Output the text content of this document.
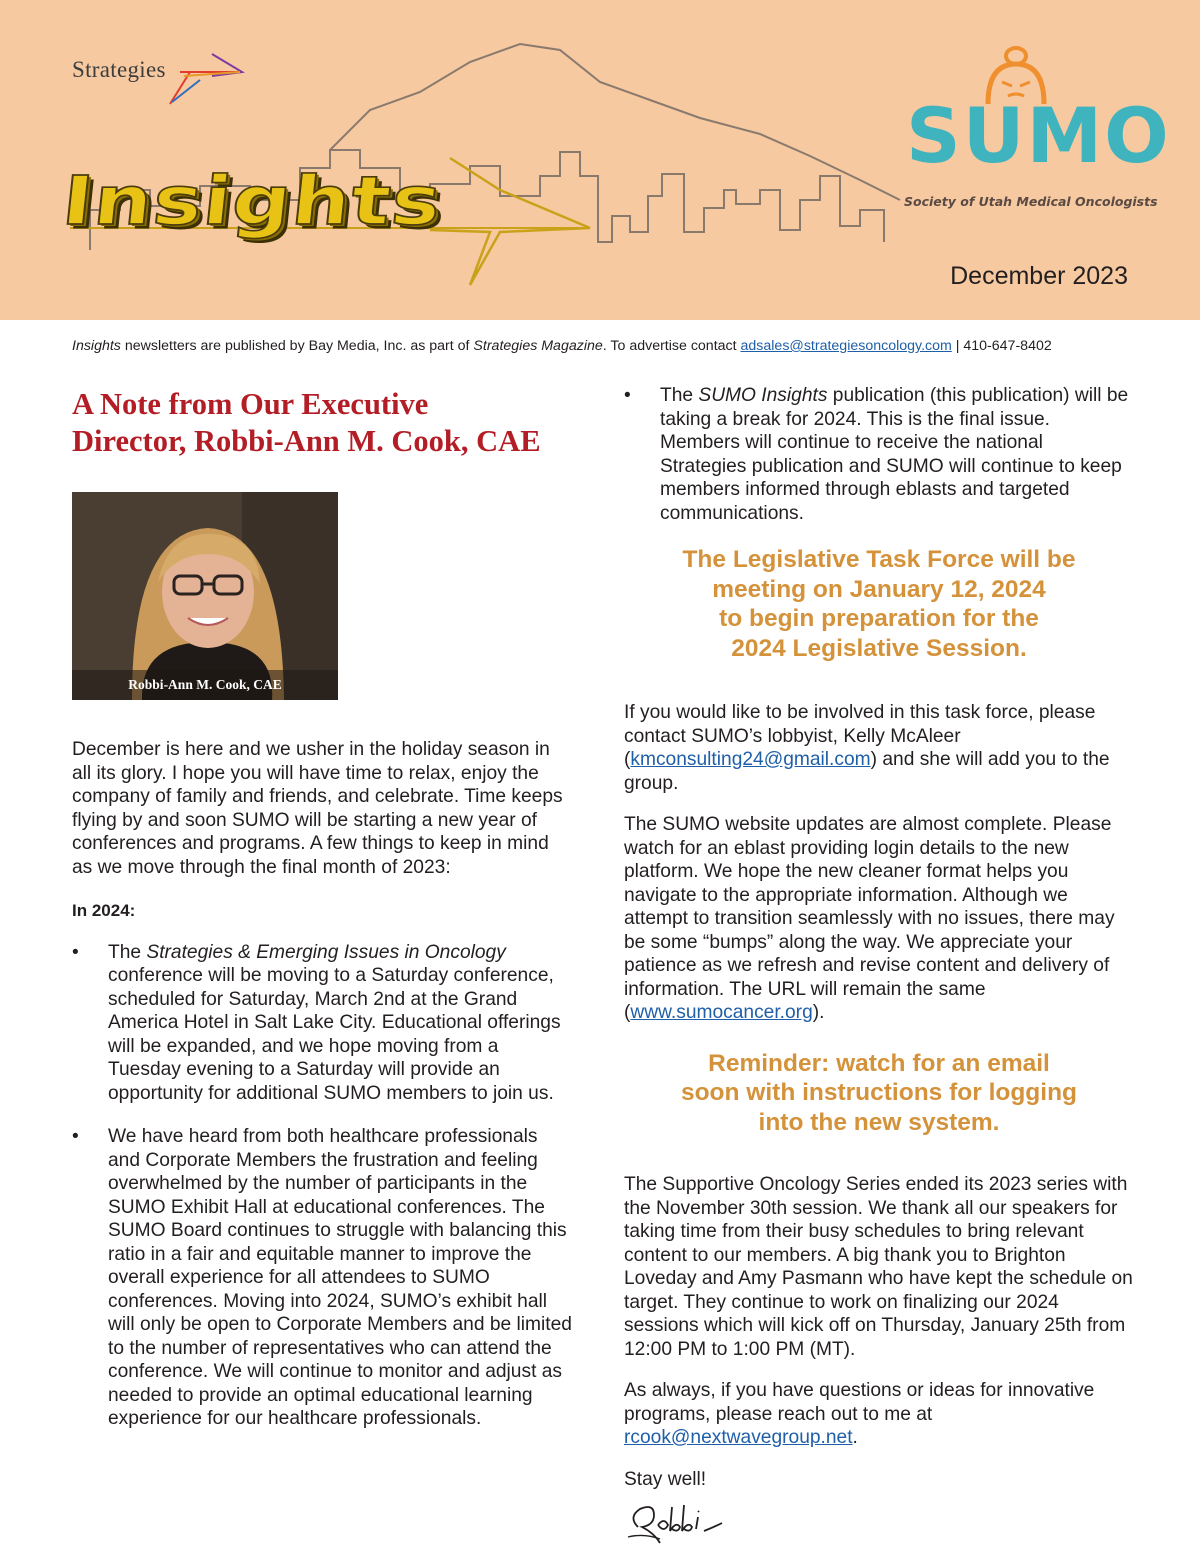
Strategies
Insights
SUMO
Society of Utah Medical Oncologists
December 2023
Insights newsletters are published by Bay Media, Inc. as part of Strategies Magazine. To advertise contact adsales@strategiesoncology.com | 410-647-8402
A Note from Our Executive
Director, Robbi-Ann M. Cook, CAE
Robbi-Ann M. Cook, CAE

December is here and we usher in the holiday season in all its glory. I hope you will have time to relax, enjoy the company of family and friends, and celebrate. Time keeps flying by and soon SUMO will be starting a new year of conferences and programs. A few things to keep in mind as we move through the final month of 2023:

In 2024:

• The Strategies & Emerging Issues in Oncology conference will be moving to a Saturday conference, scheduled for Saturday, March 2nd at the Grand America Hotel in Salt Lake City. Educational offerings will be expanded, and we hope moving from a Tuesday evening to a Saturday will provide an opportunity for additional SUMO members to join us.
• We have heard from both healthcare professionals and Corporate Members the frustration and feeling overwhelmed by the number of participants in the SUMO Exhibit Hall at educational conferences. The SUMO Board continues to struggle with balancing this ratio in a fair and equitable manner to improve the overall experience for all attendees to SUMO conferences. Moving into 2024, SUMO’s exhibit hall will only be open to Corporate Members and be limited to the number of representatives who can attend the conference. We will continue to monitor and adjust as needed to provide an optimal educational learning experience for our healthcare professionals.
• The SUMO Insights publication (this publication) will be taking a break for 2024. This is the final issue. Members will continue to receive the national Strategies publication and SUMO will continue to keep members informed through eblasts and targeted communications.
The Legislative Task Force will be
meeting on January 12, 2024
to begin preparation for the
2024 Legislative Session.

If you would like to be involved in this task force, please contact SUMO’s lobbyist, Kelly McAleer (kmconsulting24@gmail.com) and she will add you to the group.

The SUMO website updates are almost complete. Please watch for an eblast providing login details to the new platform. We hope the new cleaner format helps you navigate to the appropriate information. Although we attempt to transition seamlessly with no issues, there may be some “bumps” along the way. We appreciate your patience as we refresh and revise content and delivery of information. The URL will remain the same (www.sumocancer.org).

Reminder: watch for an email
soon with instructions for logging
into the new system.

The Supportive Oncology Series ended its 2023 series with the November 30th session. We thank all our speakers for taking time from their busy schedules to bring relevant content to our members. A big thank you to Brighton Loveday and Amy Pasmann who have kept the schedule on target. They continue to work on finalizing our 2024 sessions which will kick off on Thursday, January 25th from 12:00 PM to 1:00 PM (MT).

As always, if you have questions or ideas for innovative programs, please reach out to me at rcook@nextwavegroup.net.

Stay well!
